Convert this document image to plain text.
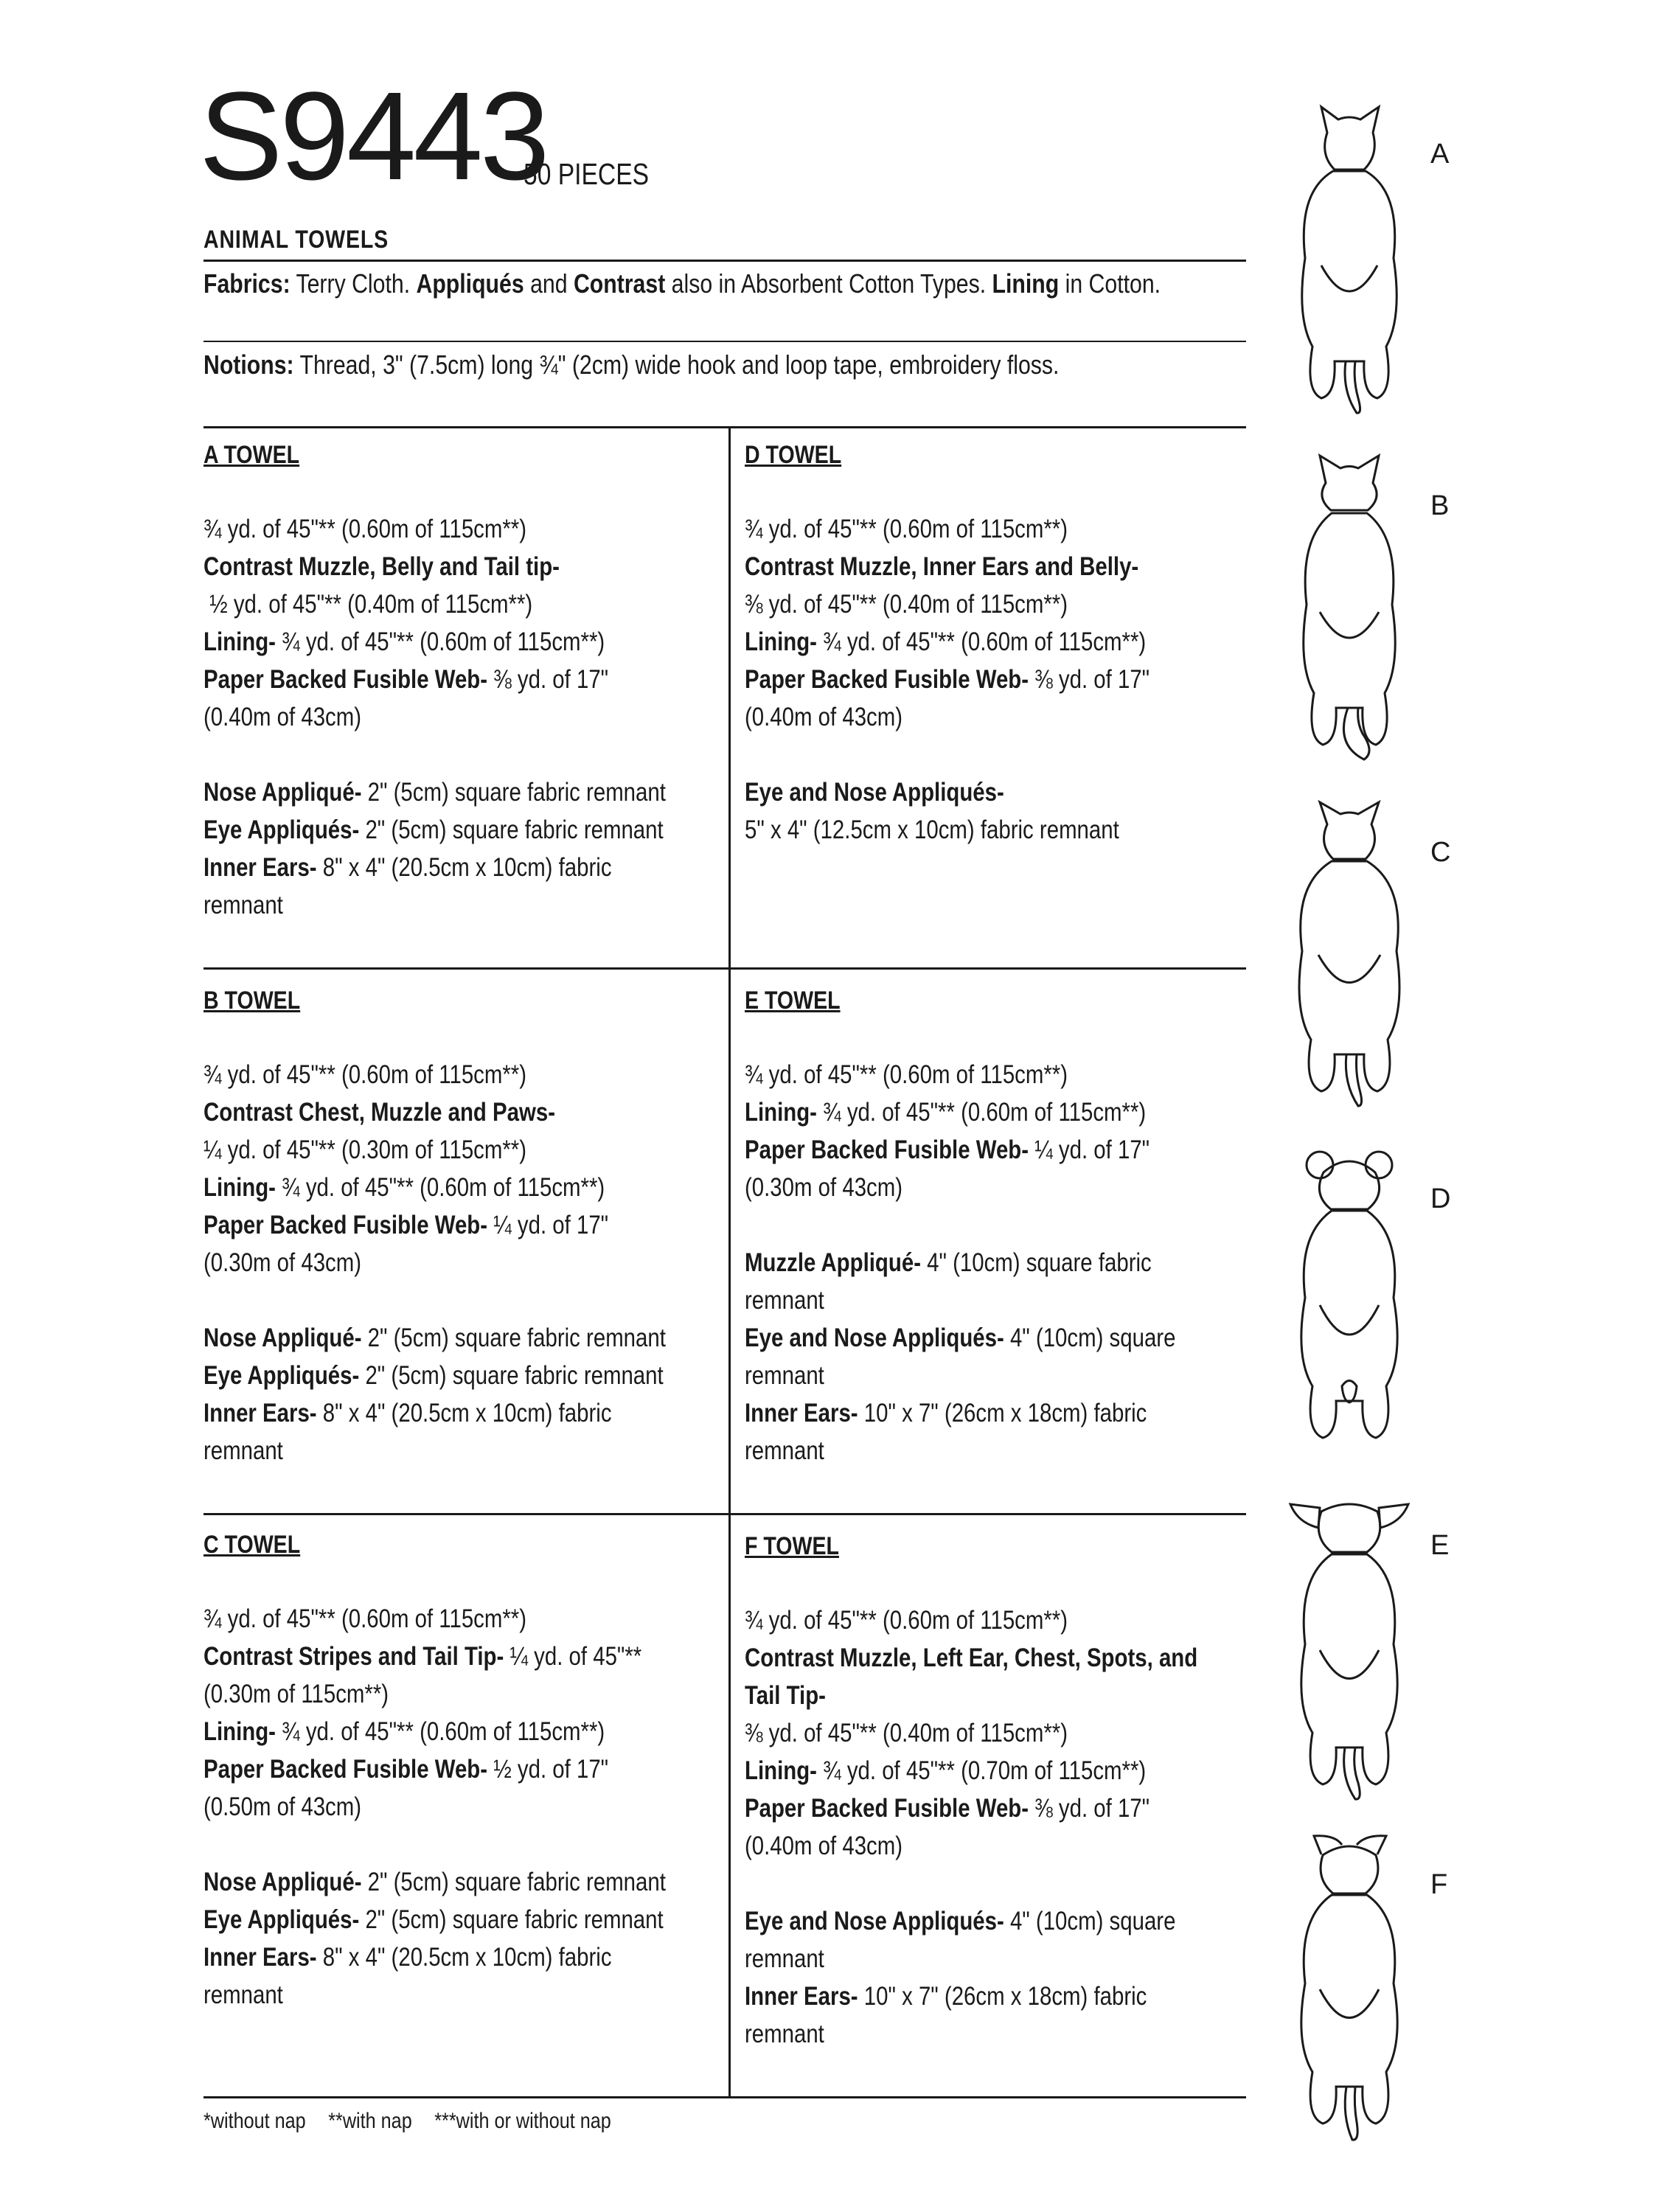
S9443
50 PIECES
ANIMAL TOWELS
Fabrics: Terry Cloth. Appliqués and Contrast also in Absorbent Cotton Types. Lining in Cotton.
Notions: Thread, 3" (7.5cm) long ¾" (2cm) wide hook and loop tape, embroidery floss.
A TOWEL
¾ yd. of 45"** (0.60m of 115cm**)
Contrast Muzzle, Belly and Tail tip-
½ yd. of 45"** (0.40m of 115cm**)
Lining- ¾ yd. of 45"** (0.60m of 115cm**)
Paper Backed Fusible Web- ⅜ yd. of 17"
(0.40m of 43cm)
Nose Appliqué- 2" (5cm) square fabric remnant
Eye Appliqués- 2" (5cm) square fabric remnant
Inner Ears- 8" x 4" (20.5cm x 10cm) fabric
remnant
D TOWEL
¾ yd. of 45"** (0.60m of 115cm**)
Contrast Muzzle, Inner Ears and Belly-
⅜ yd. of 45"** (0.40m of 115cm**)
Lining- ¾ yd. of 45"** (0.60m of 115cm**)
Paper Backed Fusible Web- ⅜ yd. of 17"
(0.40m of 43cm)
Eye and Nose Appliqués-
5" x 4" (12.5cm x 10cm) fabric remnant
B TOWEL
¾ yd. of 45"** (0.60m of 115cm**)
Contrast Chest, Muzzle and Paws-
¼ yd. of 45"** (0.30m of 115cm**)
Lining- ¾ yd. of 45"** (0.60m of 115cm**)
Paper Backed Fusible Web- ¼ yd. of 17"
(0.30m of 43cm)
Nose Appliqué- 2" (5cm) square fabric remnant
Eye Appliqués- 2" (5cm) square fabric remnant
Inner Ears- 8" x 4" (20.5cm x 10cm) fabric
remnant
E TOWEL
¾ yd. of 45"** (0.60m of 115cm**)
Lining- ¾ yd. of 45"** (0.60m of 115cm**)
Paper Backed Fusible Web- ¼ yd. of 17"
(0.30m of 43cm)
Muzzle Appliqué- 4" (10cm) square fabric
remnant
Eye and Nose Appliqués- 4" (10cm) square
remnant
Inner Ears- 10" x 7" (26cm x 18cm) fabric
remnant
C TOWEL
¾ yd. of 45"** (0.60m of 115cm**)
Contrast Stripes and Tail Tip- ¼ yd. of 45"**
(0.30m of 115cm**)
Lining- ¾ yd. of 45"** (0.60m of 115cm**)
Paper Backed Fusible Web- ½ yd. of 17"
(0.50m of 43cm)
Nose Appliqué- 2" (5cm) square fabric remnant
Eye Appliqués- 2" (5cm) square fabric remnant
Inner Ears- 8" x 4" (20.5cm x 10cm) fabric
remnant
F TOWEL
¾ yd. of 45"** (0.60m of 115cm**)
Contrast Muzzle, Left Ear, Chest, Spots, and
Tail Tip-
⅜ yd. of 45"** (0.40m of 115cm**)
Lining- ¾ yd. of 45"** (0.70m of 115cm**)
Paper Backed Fusible Web- ⅜ yd. of 17"
(0.40m of 43cm)
Eye and Nose Appliqués- 4" (10cm) square
remnant
Inner Ears- 10" x 7" (26cm x 18cm) fabric
remnant
*without nap **with nap ***with or without nap
A
B
C
D
E
F
